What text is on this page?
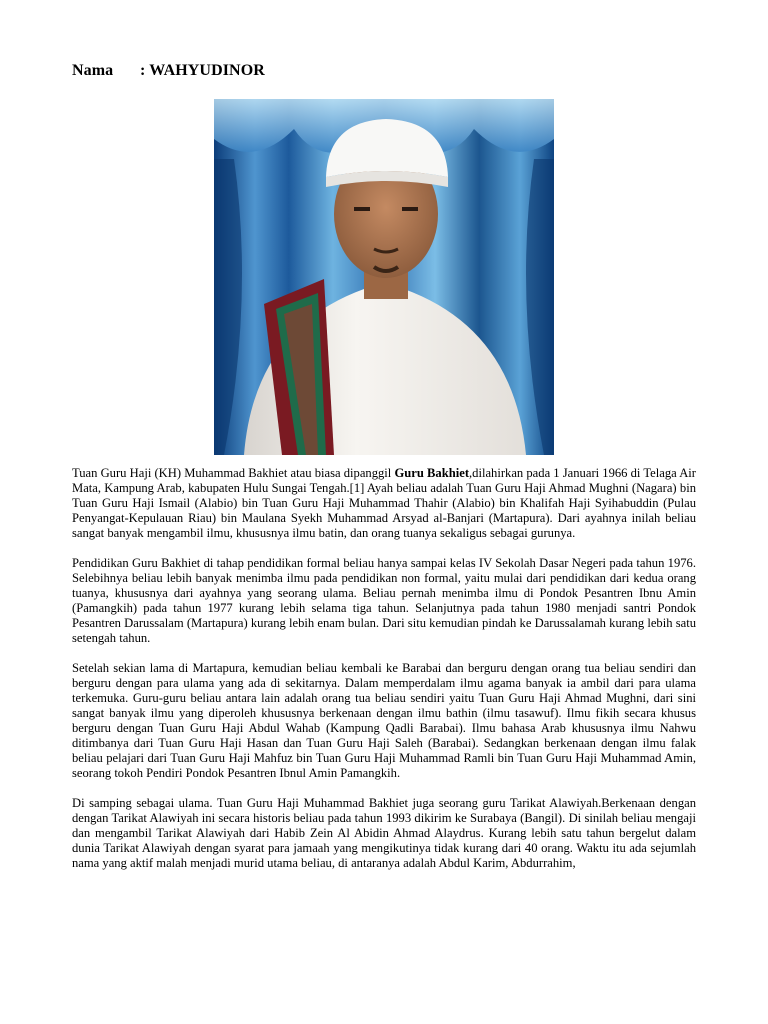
Nama : WAHYUDINOR

Tuan Guru Haji (KH) Muhammad Bakhiet atau biasa dipanggil Guru Bakhiet,dilahirkan pada 1 Januari 1966 di Telaga Air Mata, Kampung Arab, kabupaten Hulu Sungai Tengah.[1] Ayah beliau adalah Tuan Guru Haji Ahmad Mughni (Nagara) bin Tuan Guru Haji Ismail (Alabio) bin Tuan Guru Haji Muhammad Thahir (Alabio) bin Khalifah Haji Syihabuddin (Pulau Penyangat-Kepulauan Riau) bin Maulana Syekh Muhammad Arsyad al-Banjari (Martapura). Dari ayahnya inilah beliau sangat banyak mengambil ilmu, khususnya ilmu batin, dan orang tuanya sekaligus sebagai gurunya.

Pendidikan Guru Bakhiet di tahap pendidikan formal beliau hanya sampai kelas IV Sekolah Dasar Negeri pada tahun 1976. Selebihnya beliau lebih banyak menimba ilmu pada pendidikan non formal, yaitu mulai dari pendidikan dari kedua orang tuanya, khususnya dari ayahnya yang seorang ulama. Beliau pernah menimba ilmu di Pondok Pesantren Ibnu Amin (Pamangkih) pada tahun 1977 kurang lebih selama tiga tahun. Selanjutnya pada tahun 1980 menjadi santri Pondok Pesantren Darussalam (Martapura) kurang lebih enam bulan. Dari situ kemudian pindah ke Darussalamah kurang lebih satu setengah tahun.

Setelah sekian lama di Martapura, kemudian beliau kembali ke Barabai dan berguru dengan orang tua beliau sendiri dan berguru dengan para ulama yang ada di sekitarnya. Dalam memperdalam ilmu agama banyak ia ambil dari para ulama terkemuka. Guru-guru beliau antara lain adalah orang tua beliau sendiri yaitu Tuan Guru Haji Ahmad Mughni, dari sini sangat banyak ilmu yang diperoleh khususnya berkenaan dengan ilmu bathin (ilmu tasawuf). Ilmu fikih secara khusus berguru dengan Tuan Guru Haji Abdul Wahab (Kampung Qadli Barabai). Ilmu bahasa Arab khususnya ilmu Nahwu ditimbanya dari Tuan Guru Haji Hasan dan Tuan Guru Haji Saleh (Barabai). Sedangkan berkenaan dengan ilmu falak beliau pelajari dari Tuan Guru Haji Mahfuz bin Tuan Guru Haji Muhammad Ramli bin Tuan Guru Haji Muhammad Amin, seorang tokoh Pendiri Pondok Pesantren Ibnul Amin Pamangkih.

Di samping sebagai ulama. Tuan Guru Haji Muhammad Bakhiet juga seorang guru Tarikat Alawiyah.Berkenaan dengan dengan Tarikat Alawiyah ini secara historis beliau pada tahun 1993 dikirim ke Surabaya (Bangil). Di sinilah beliau mengaji dan mengambil Tarikat Alawiyah dari Habib Zein Al Abidin Ahmad Alaydrus. Kurang lebih satu tahun bergelut dalam dunia Tarikat Alawiyah dengan syarat para jamaah yang mengikutinya tidak kurang dari 40 orang. Waktu itu ada sejumlah nama yang aktif malah menjadi murid utama beliau, di antaranya adalah Abdul Karim, Abdurrahim,
